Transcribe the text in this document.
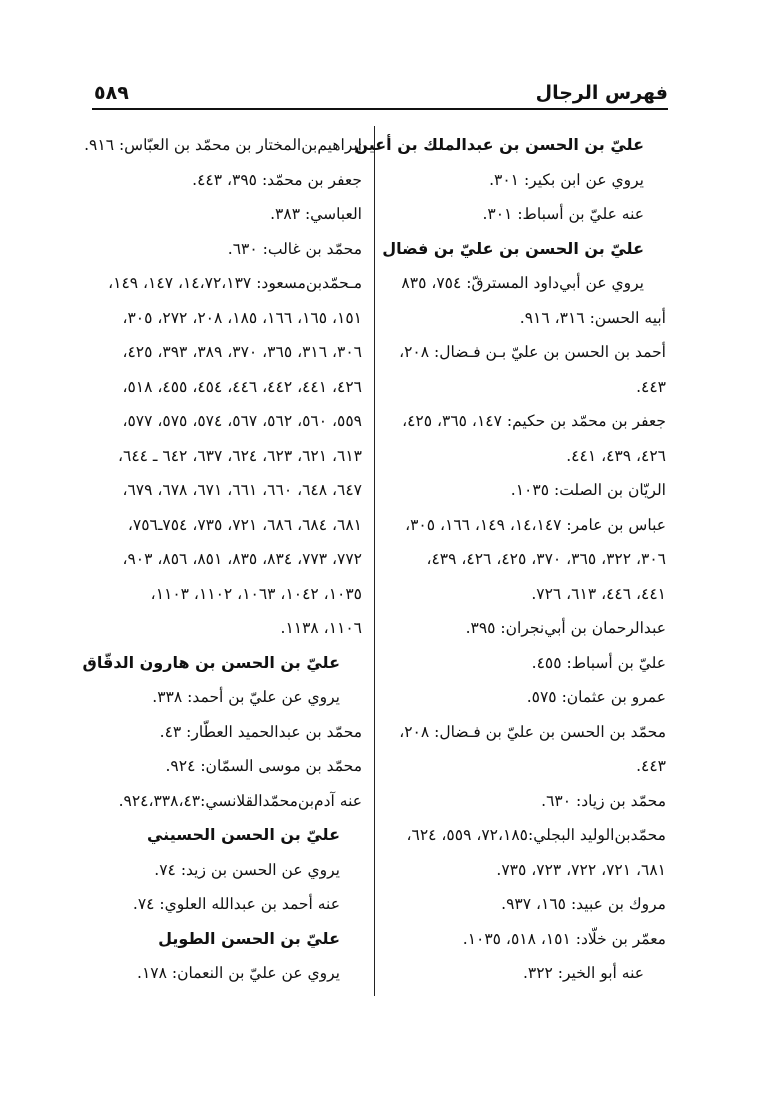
فهرس الرجال
٥٨٩
عليّ بن الحسن بن عبدالملك بن أعين
يروي عن ابن بكير: ٣٠١.
عنه عليّ بن أسباط: ٣٠١.
عليّ بن الحسن بن عليّ بن فضال
يروي عن أبي‌داود المسترقّ: ٧٥٤، ٨٣٥
أبيه الحسن: ٣١٦، ٩١٦.
أحمد بن الحسن بن عليّ بـن فـضال: ٢٠٨،
٤٤٣.
جعفر بن محمّد بن حكيم: ١٤٧، ٣٦٥، ٤٢٥،
٤٢٦، ٤٣٩، ٤٤١.
الريّان بن الصلت: ١٠٣٥.
عباس بن عامر: ١٤،١٤٧، ١٤٩، ١٦٦، ٣٠٥،
٣٠٦، ٣٢٢، ٣٦٥، ٣٧٠، ٤٢٥، ٤٢٦، ٤٣٩،
٤٤١، ٤٤٦، ٦١٣، ٧٢٦.
عبدالرحمان بن أبي‌نجران: ٣٩٥.
عليّ بن أسباط: ٤٥٥.
عمرو بن عثمان: ٥٧٥.
محمّد بن الحسن بن عليّ بن فـضال: ٢٠٨،
٤٤٣.
محمّد بن زياد: ٦٣٠.
محمّدبن‌الوليد البجلي:٧٢،١٨٥، ٥٥٩، ٦٢٤،
٦٨١، ٧٢١، ٧٢٢، ٧٢٣، ٧٣٥.
مروك بن عبيد: ١٦٥، ٩٣٧.
معمّر بن خلّاد: ١٥١، ٥١٨، ١٠٣٥.
عنه أبو الخير: ٣٢٢.
إبراهيم‌بن‌المختار بن محمّد بن العبّاس: ٩١٦.
جعفر بن محمّد: ٣٩٥، ٤٤٣.
العباسي: ٣٨٣.
محمّد بن غالب: ٦٣٠.
مـحمّدبن‌مسعود: ١٤،٧٢،١٣٧، ١٤٧، ١٤٩،
١٥١، ١٦٥، ١٦٦، ١٨٥، ٢٠٨، ٢٧٢، ٣٠٥،
٣٠٦، ٣١٦، ٣٦٥، ٣٧٠، ٣٨٩، ٣٩٣، ٤٢٥،
٤٢٦، ٤٤١، ٤٤٢، ٤٤٦، ٤٥٤، ٤٥٥، ٥١٨،
٥٥٩، ٥٦٠، ٥٦٢، ٥٦٧، ٥٧٤، ٥٧٥، ٥٧٧،
٦١٣، ٦٢١، ٦٢٣، ٦٢٤، ٦٣٧، ٦٤٢ ـ ٦٤٤،
٦٤٧، ٦٤٨، ٦٦٠، ٦٦١، ٦٧١، ٦٧٨، ٦٧٩،
٦٨١، ٦٨٤، ٦٨٦، ٧٢١، ٧٣٥، ٧٥٤ـ٧٥٦،
٧٧٢، ٧٧٣، ٨٣٤، ٨٣٥، ٨٥١، ٨٥٦، ٩٠٣،
١٠٣٥، ١٠٤٢، ١٠٦٣، ١١٠٢، ١١٠٣،
١١٠٦، ١١٣٨.
عليّ بن الحسن بن هارون الدقّاق
يروي عن عليّ بن أحمد: ٣٣٨.
محمّد بن عبدالحميد العطّار: ٤٣.
محمّد بن موسى السمّان: ٩٢٤.
عنه آدم‌بن‌محمّدالقلانسي:٩٢٤،٣٣٨،٤٣.
عليّ بن الحسن الحسيني
يروي عن الحسن بن زيد: ٧٤.
عنه أحمد بن عبدالله العلوي: ٧٤.
عليّ بن الحسن الطويل
يروي عن عليّ بن النعمان: ١٧٨.
